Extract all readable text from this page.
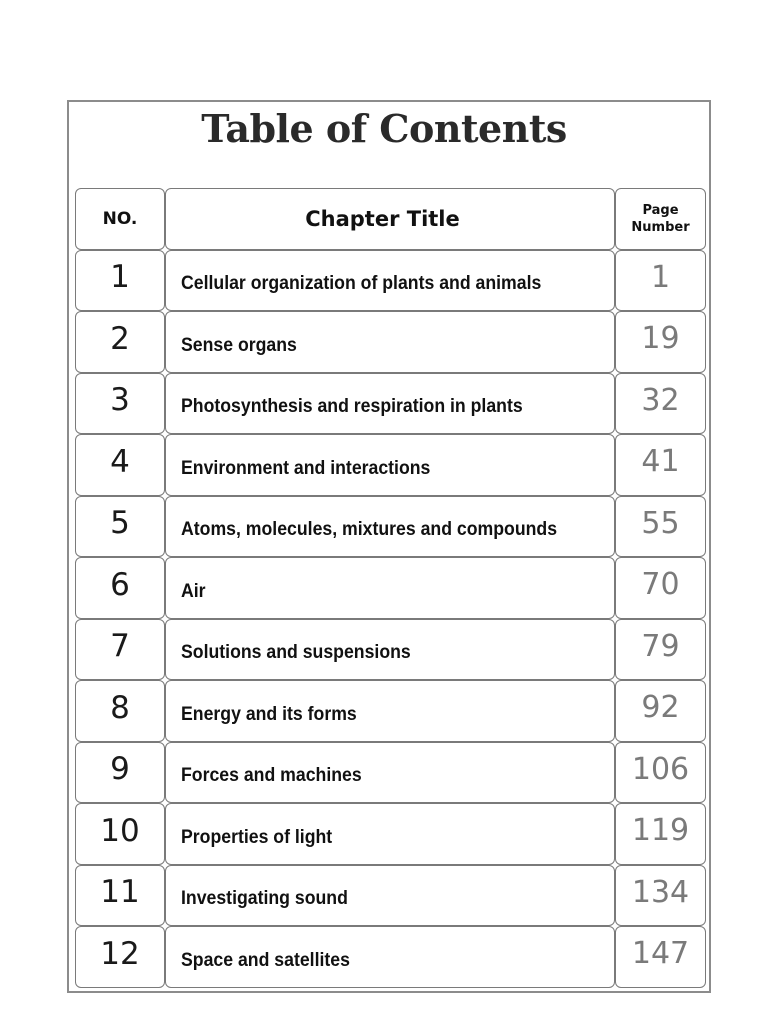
Table of Contents
NO.	Chapter Title	Page
Number
1	Cellular organization of plants and animals	1
2	Sense organs	19
3	Photosynthesis and respiration in plants	32
4	Environment and interactions	41
5	Atoms, molecules, mixtures and compounds	55
6	Air	70
7	Solutions and suspensions	79
8	Energy and its forms	92
9	Forces and machines	106
10 Properties of light	119
11 Investigating sound	134
12 Space and satellites	147
